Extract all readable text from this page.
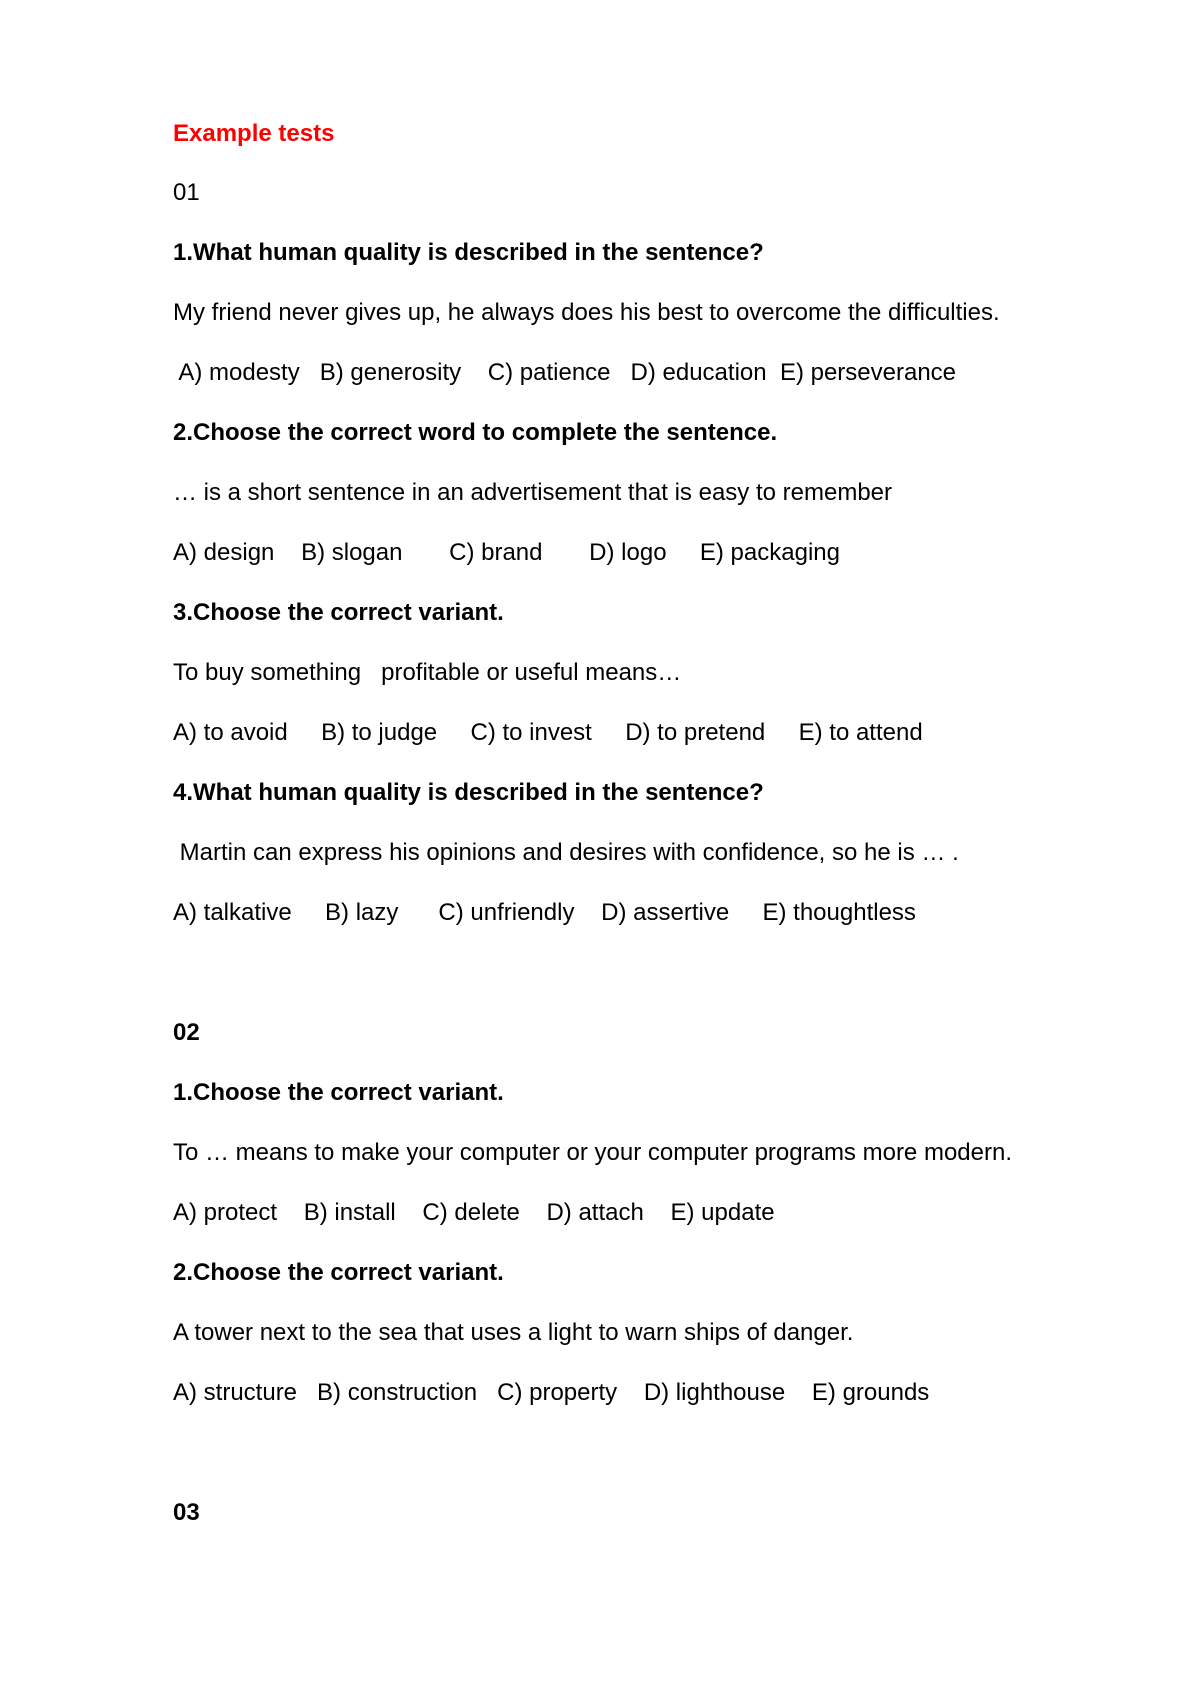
Example tests
01
1.What human quality is described in the sentence?
My friend never gives up, he always does his best to overcome the difficulties.
A) modesty   B) generosity    C) patience   D) education  E) perseverance
2.Choose the correct word to complete the sentence.
… is a short sentence in an advertisement that is easy to remember
A) design    B) slogan       C) brand       D) logo     E) packaging
3.Choose the correct variant.
To buy something   profitable or useful means…
A) to avoid     B) to judge     C) to invest     D) to pretend     E) to attend
4.What human quality is described in the sentence?
Martin can express his opinions and desires with confidence, so he is … .
A) talkative     B) lazy      C) unfriendly    D) assertive     E) thoughtless
02
1.Choose the correct variant.
To … means to make your computer or your computer programs more modern.
A) protect    B) install    C) delete    D) attach    E) update
2.Choose the correct variant.
A tower next to the sea that uses a light to warn ships of danger.
A) structure   B) construction   C) property    D) lighthouse    E) grounds
03
